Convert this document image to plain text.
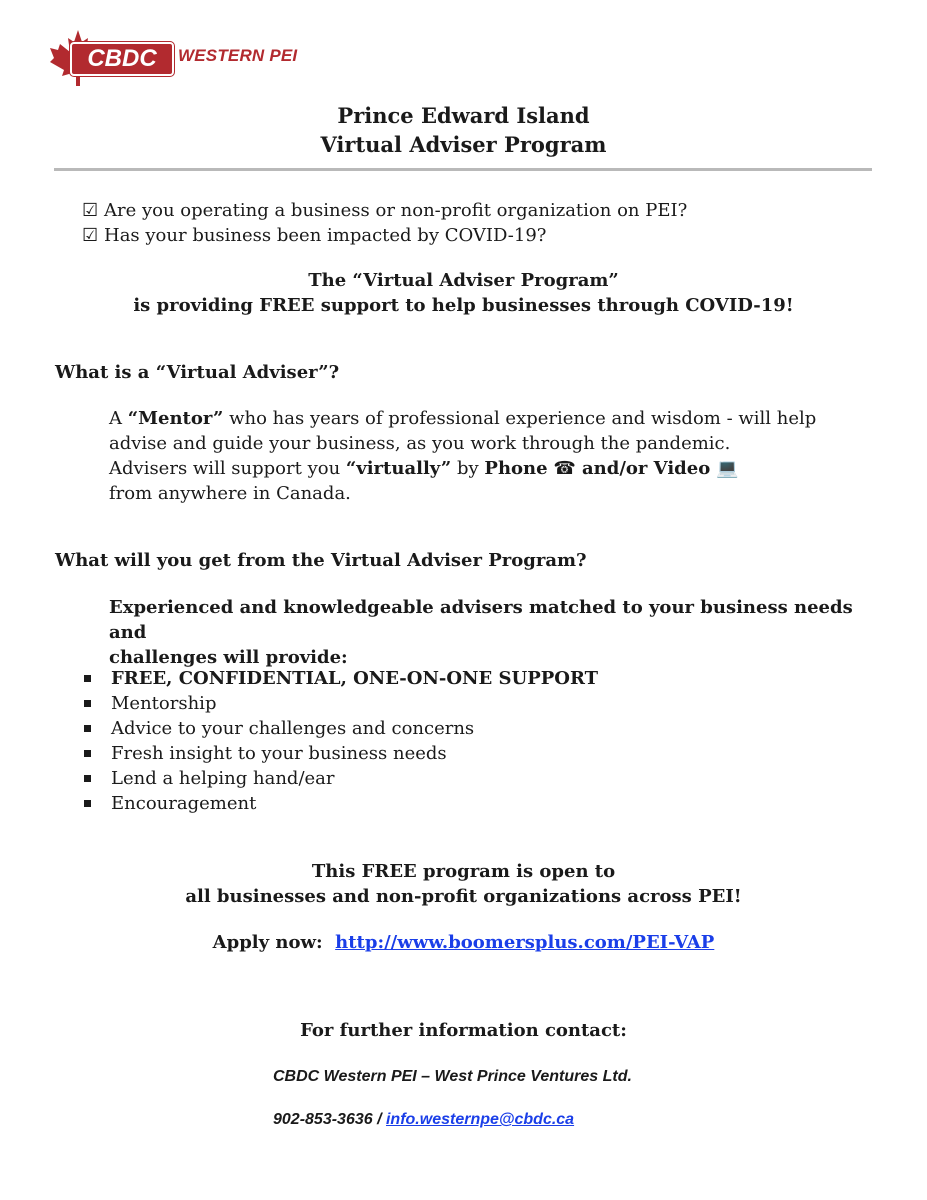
CBDC	WESTERN PEI
Prince Edward Island
Virtual Adviser Program
☑ Are you operating a business or non-profit organization on PEI?
☑ Has your business been impacted by COVID-19?
The “Virtual Adviser Program”
is providing FREE support to help businesses through COVID-19!
What is a “Virtual Adviser”?
A “Mentor” who has years of professional experience and wisdom - will help
advise and guide your business, as you work through the pandemic.
Advisers will support you “virtually” by Phone ☎ and/or Video 💻
from anywhere in Canada.
What will you get from the Virtual Adviser Program?
Experienced and knowledgeable advisers matched to your business needs and
challenges will provide:
FREE, CONFIDENTIAL, ONE-ON-ONE SUPPORT
Mentorship
Advice to your challenges and concerns
Fresh insight to your business needs
Lend a helping hand/ear
Encouragement
This FREE program is open to
all businesses and non-profit organizations across PEI!
Apply now: http://www.boomersplus.com/PEI-VAP
For further information contact:
CBDC Western PEI – West Prince Ventures Ltd.
902-853-3636 / info.westernpe@cbdc.ca
